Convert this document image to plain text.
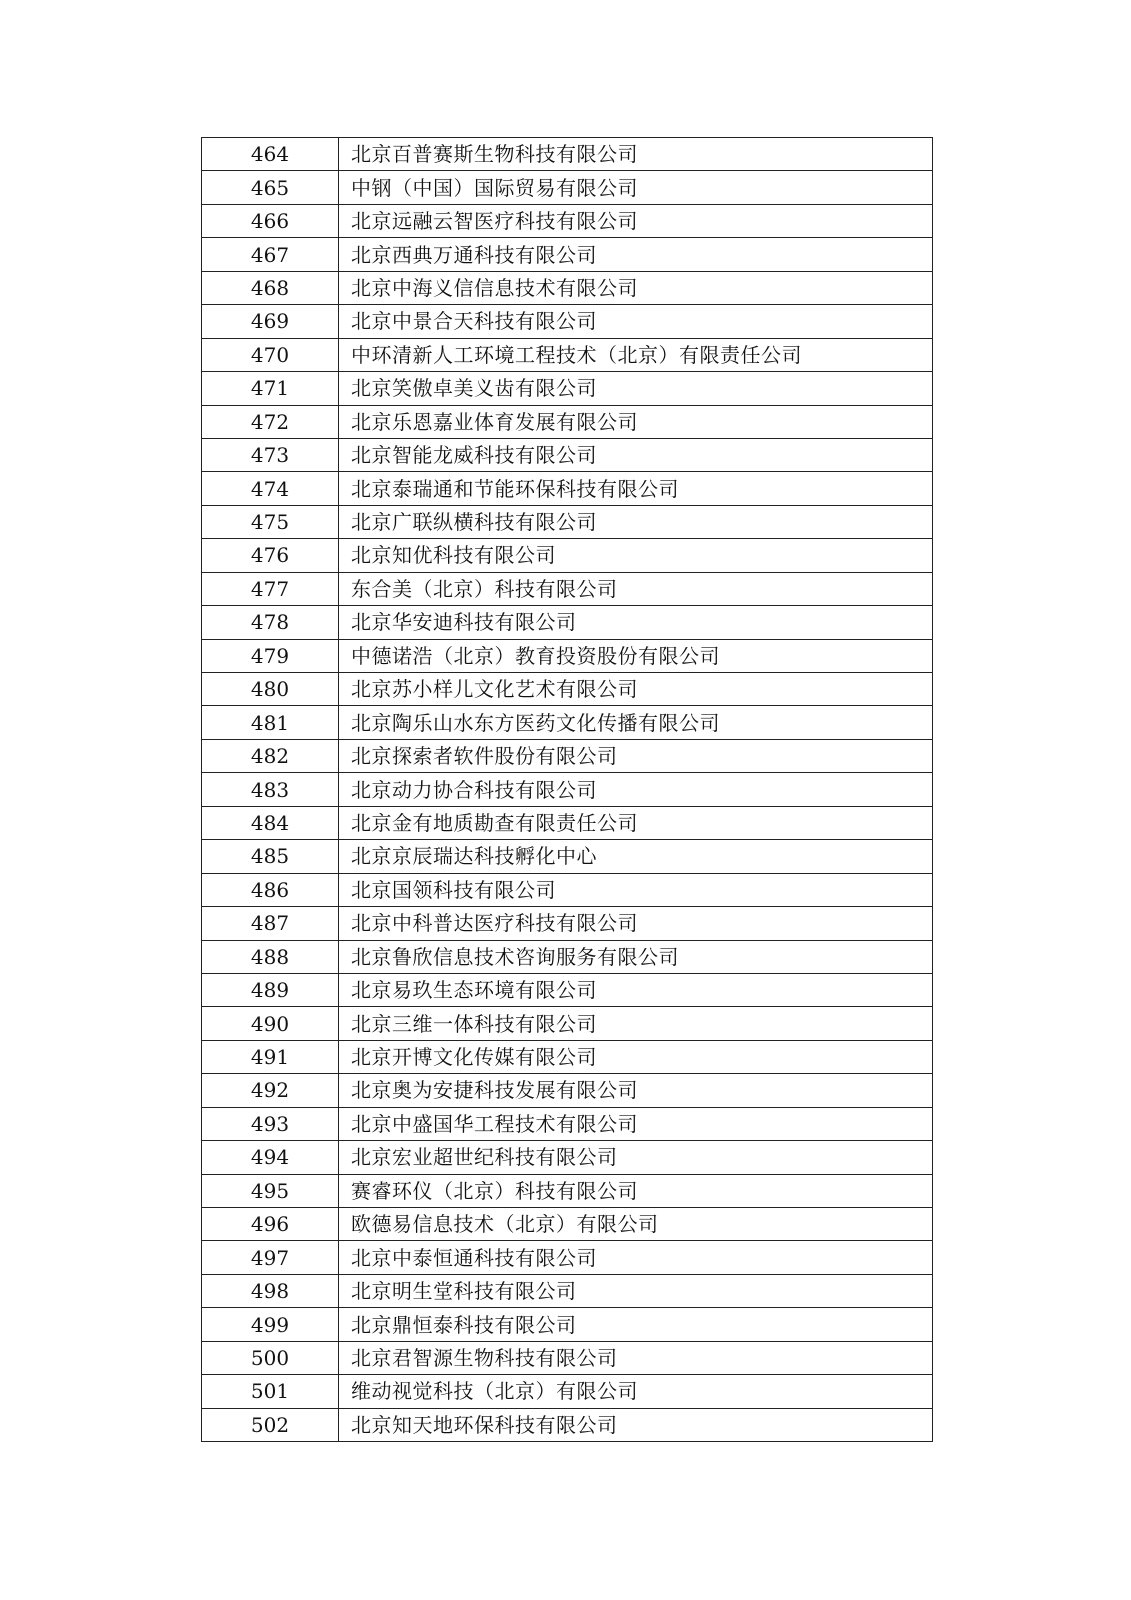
464	北京百普赛斯生物科技有限公司
465	中钢（中国）国际贸易有限公司
466	北京远融云智医疗科技有限公司
467	北京西典万通科技有限公司
468	北京中海义信信息技术有限公司
469	北京中景合天科技有限公司
470	中环清新人工环境工程技术（北京）有限责任公司
471	北京笑傲卓美义齿有限公司
472	北京乐恩嘉业体育发展有限公司
473	北京智能龙威科技有限公司
474	北京泰瑞通和节能环保科技有限公司
475	北京广联纵横科技有限公司
476	北京知优科技有限公司
477	东合美（北京）科技有限公司
478	北京华安迪科技有限公司
479	中德诺浩（北京）教育投资股份有限公司
480	北京苏小样儿文化艺术有限公司
481	北京陶乐山水东方医药文化传播有限公司
482	北京探索者软件股份有限公司
483	北京动力协合科技有限公司
484	北京金有地质勘查有限责任公司
485	北京京辰瑞达科技孵化中心
486	北京国领科技有限公司
487	北京中科普达医疗科技有限公司
488	北京鲁欣信息技术咨询服务有限公司
489	北京易玖生态环境有限公司
490	北京三维一体科技有限公司
491	北京开博文化传媒有限公司
492	北京奥为安捷科技发展有限公司
493	北京中盛国华工程技术有限公司
494	北京宏业超世纪科技有限公司
495	赛睿环仪（北京）科技有限公司
496	欧德易信息技术（北京）有限公司
497	北京中泰恒通科技有限公司
498	北京明生堂科技有限公司
499	北京鼎恒泰科技有限公司
500	北京君智源生物科技有限公司
501	维动视觉科技（北京）有限公司
502	北京知天地环保科技有限公司
